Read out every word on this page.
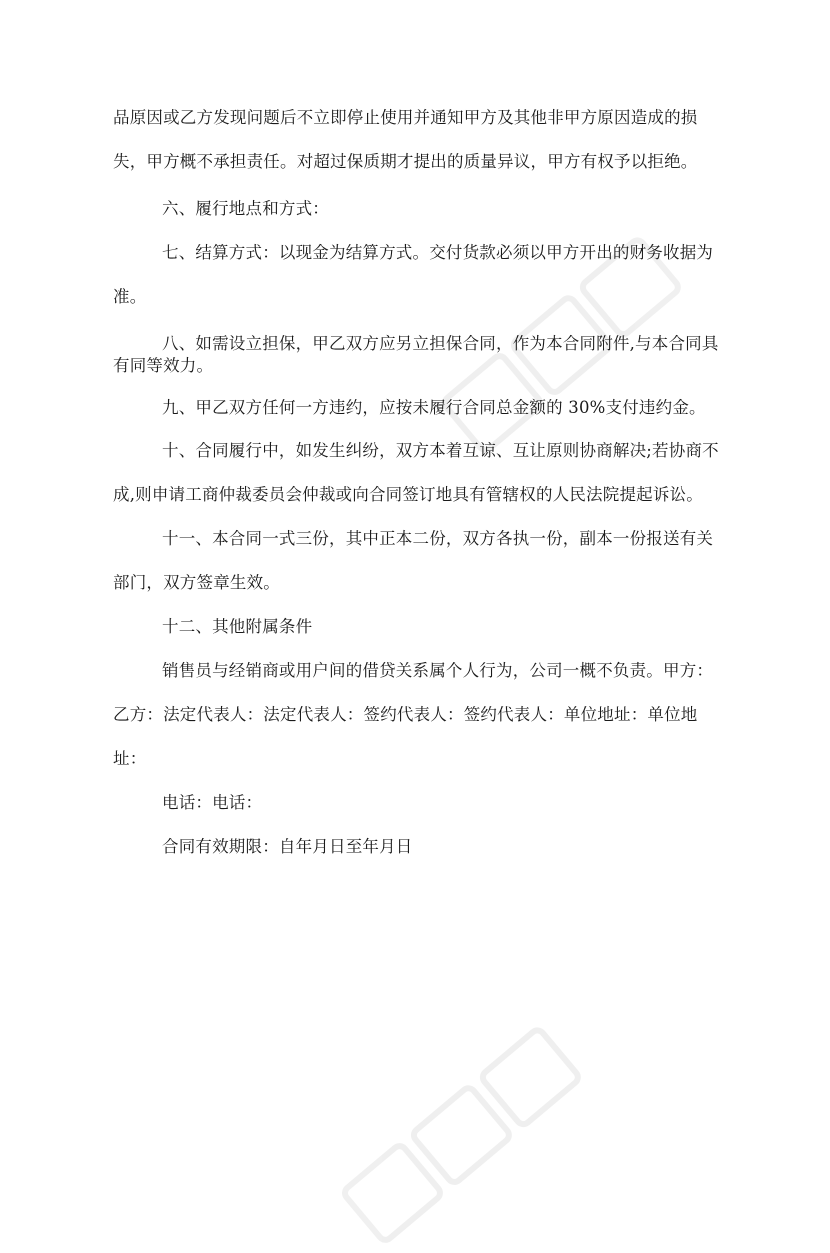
品原因或乙方发现问题后不立即停止使用并通知甲方及其他非甲方原因造成的损
失，甲方概不承担责任。对超过保质期才提出的质量异议，甲方有权予以拒绝。
六、履行地点和方式：
七、结算方式：以现金为结算方式。交付货款必须以甲方开出的财务收据为
准。
八、如需设立担保，甲乙双方应另立担保合同，作为本合同附件,与本合同具
有同等效力。
九、甲乙双方任何一方违约，应按未履行合同总金额的 30%支付违约金。
十、合同履行中，如发生纠纷，双方本着互谅、互让原则协商解决;若协商不
成,则申请工商仲裁委员会仲裁或向合同签订地具有管辖权的人民法院提起诉讼。
十一、本合同一式三份，其中正本二份，双方各执一份，副本一份报送有关
部门，双方签章生效。
十二、其他附属条件
销售员与经销商或用户间的借贷关系属个人行为，公司一概不负责。甲方：
乙方：法定代表人：法定代表人：签约代表人：签约代表人：单位地址：单位地
址：
电话：电话：
合同有效期限：自年月日至年月日
